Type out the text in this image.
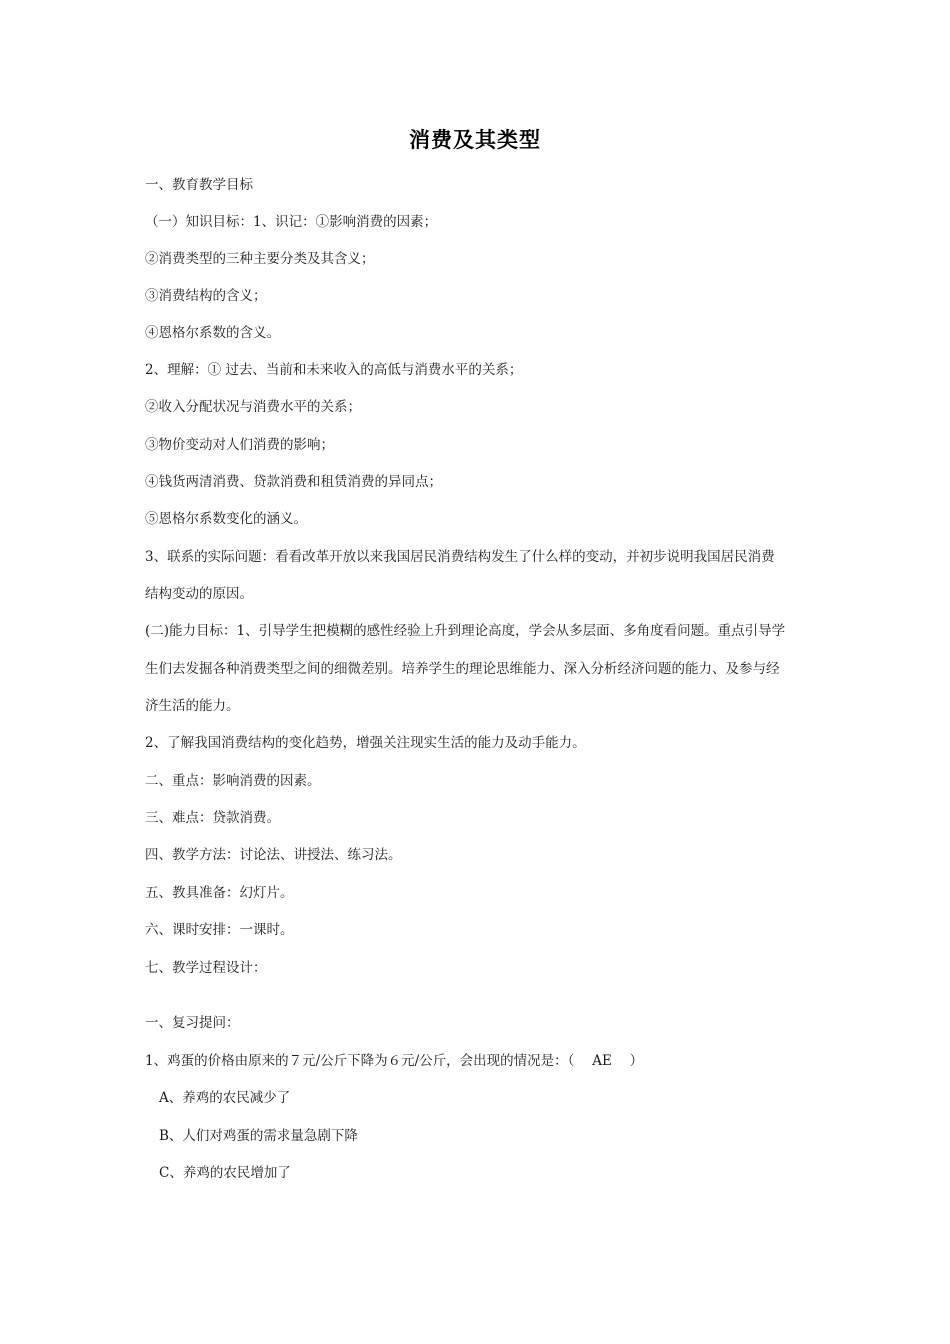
消费及其类型
一、教育教学目标
（一）知识目标：1、识记：①影响消费的因素；
②消费类型的三种主要分类及其含义；
③消费结构的含义；
④恩格尔系数的含义。
2、理解：① 过去、当前和未来收入的高低与消费水平的关系；
②收入分配状况与消费水平的关系；
③物价变动对人们消费的影响；
④钱货两清消费、贷款消费和租赁消费的异同点；
⑤恩格尔系数变化的涵义。
3、联系的实际问题：看看改革开放以来我国居民消费结构发生了什么样的变动，并初步说明我国居民消费
结构变动的原因。
(二)能力目标：1、引导学生把模糊的感性经验上升到理论高度，学会从多层面、多角度看问题。重点引导学
生们去发掘各种消费类型之间的细微差别。培养学生的理论思维能力、深入分析经济问题的能力、及参与经
济生活的能力。
2、了解我国消费结构的变化趋势，增强关注现实生活的能力及动手能力。
二、重点：影响消费的因素。
三、难点：贷款消费。
四、教学方法：讨论法、讲授法、练习法。
五、教具准备：幻灯片。
六、课时安排：一课时。
七、教学过程设计：
一、复习提问：
1、鸡蛋的价格由原来的７元/公斤下降为６元/公斤，会出现的情况是：（　 AE　 ）
A、养鸡的农民减少了
B、人们对鸡蛋的需求量急剧下降
C、养鸡的农民增加了
